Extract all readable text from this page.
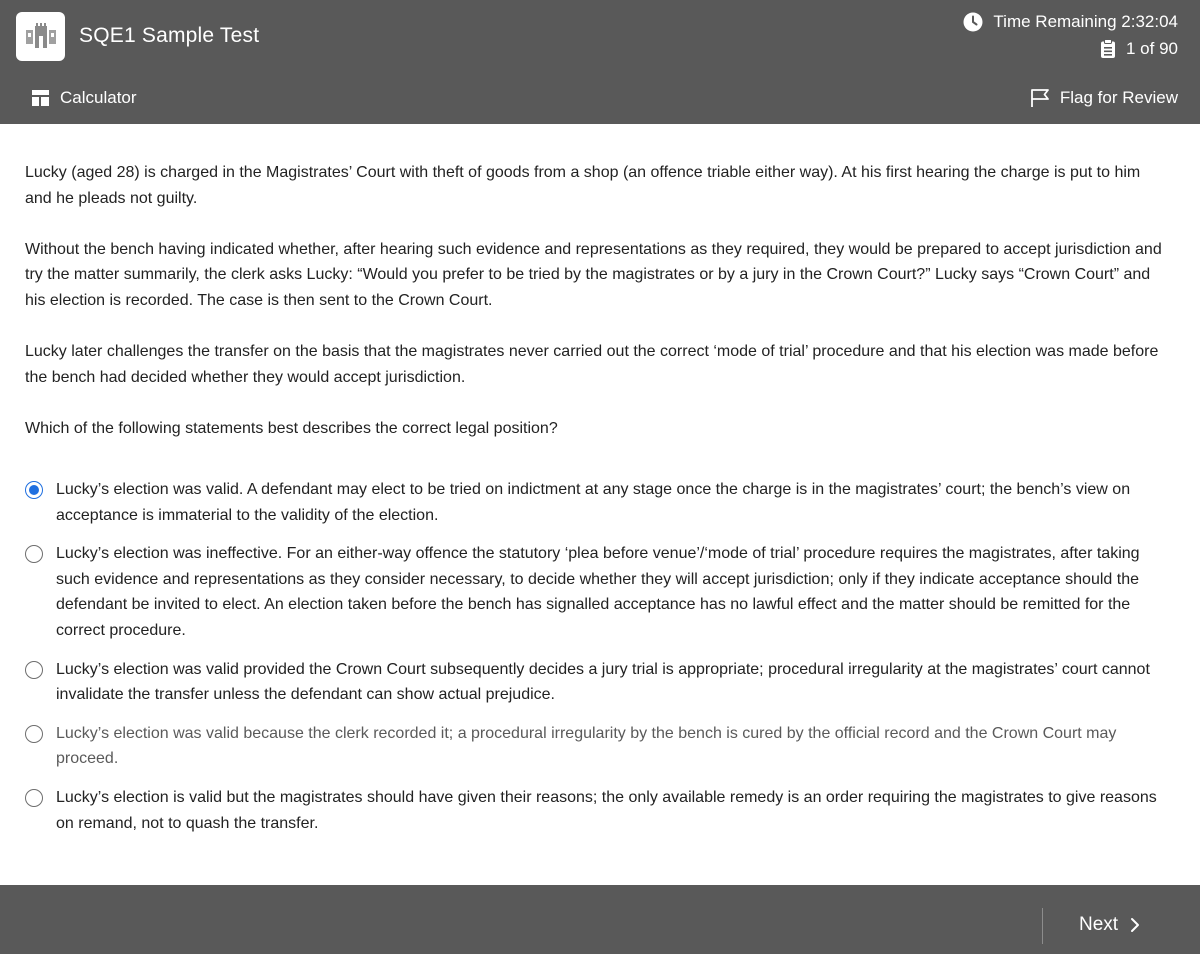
SQE1 Sample Test
Time Remaining 2:32:04
1 of 90
Calculator	Flag for Review

Lucky (aged 28) is charged in the Magistrates’ Court with theft of goods from a shop (an offence triable either way). At his first hearing the charge is put to him and he pleads not guilty.

Without the bench having indicated whether, after hearing such evidence and representations as they required, they would be prepared to accept jurisdiction and try the matter summarily, the clerk asks Lucky: “Would you prefer to be tried by the magistrates or by a jury in the Crown Court?” Lucky says “Crown Court” and his election is recorded. The case is then sent to the Crown Court.

Lucky later challenges the transfer on the basis that the magistrates never carried out the correct ‘mode of trial’ procedure and that his election was made before the bench had decided whether they would accept jurisdiction.

Which of the following statements best describes the correct legal position?

Lucky’s election was valid. A defendant may elect to be tried on indictment at any stage once the charge is in the magistrates’ court; the bench’s view on acceptance is immaterial to the validity of the election.
Lucky’s election was ineffective. For an either-way offence the statutory ‘plea before venue’/‘mode of trial’ procedure requires the magistrates, after taking such evidence and representations as they consider necessary, to decide whether they will accept jurisdiction; only if they indicate acceptance should the defendant be invited to elect. An election taken before the bench has signalled acceptance has no lawful effect and the matter should be remitted for the correct procedure.
Lucky’s election was valid provided the Crown Court subsequently decides a jury trial is appropriate; procedural irregularity at the magistrates’ court cannot invalidate the transfer unless the defendant can show actual prejudice.
Lucky’s election was valid because the clerk recorded it; a procedural irregularity by the bench is cured by the official record and the Crown Court may proceed.
Lucky’s election is valid but the magistrates should have given their reasons; the only available remedy is an order requiring the magistrates to give reasons on remand, not to quash the transfer.
Next
